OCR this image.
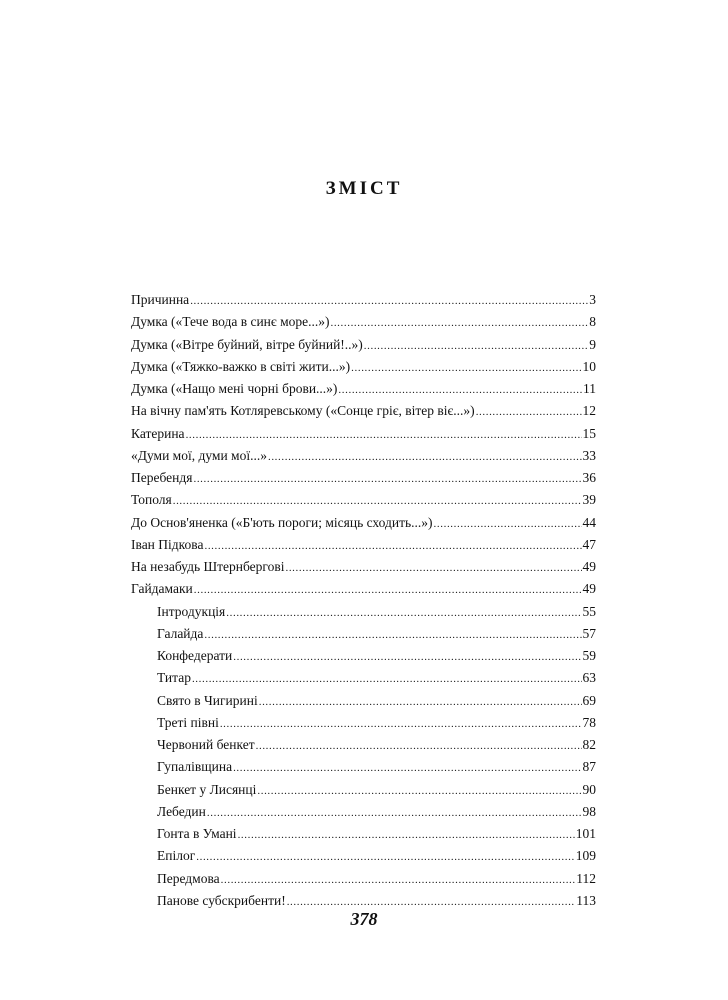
ЗМІСТ
Причинна .....	3
Думка («Тече вода в синє море...») .....	8
Думка («Вітре буйний, вітре буйний!..») .....	9
Думка («Тяжко-важко в світі жити...») .....	10
Думка («Нащо мені чорні брови...») .....	11
На вічну пам'ять Котляревському («Сонце гріє, вітер віє...») .....	12
Катерина .....	15
«Думи мої, думи мої...» .....	33
Перебендя .....	36
Тополя .....	39
До Основ'яненка («Б'ють пороги; місяць сходить...») .....	44
Іван Підкова .....	47
На незабудь Штернбергові .....	49
Гайдамаки .....	49
Інтродукція .....	55
Галайда .....	57
Конфедерати .....	59
Титар .....	63
Свято в Чигирині .....	69
Треті півні .....	78
Червоний бенкет .....	82
Гупалівщина .....	87
Бенкет у Лисянці .....	90
Лебедин .....	98
Гонта в Умані .....	101
Епілог .....	109
Передмова .....	112
Панове субскрибенти! .....	113

378
